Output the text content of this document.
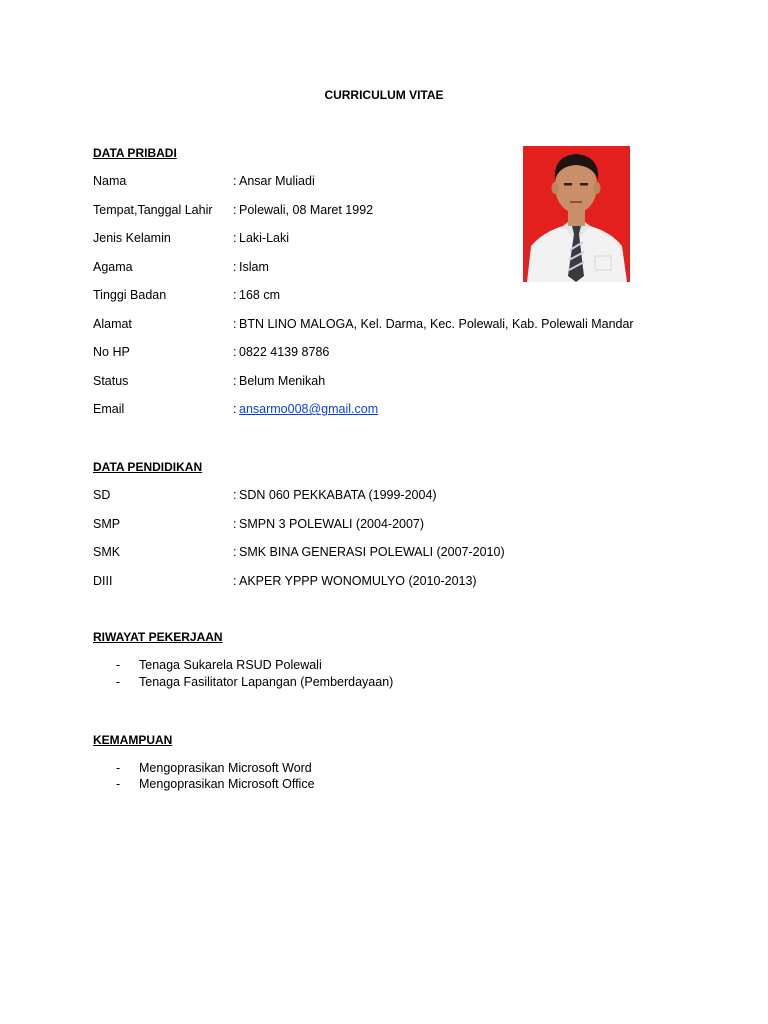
CURRICULUM VITAE
DATA PRIBADI
Nama	: Ansar Muliadi
Tempat,Tanggal Lahir : Polewali, 08 Maret 1992
Jenis Kelamin	: Laki-Laki
Agama	: Islam
Tinggi Badan	: 168 cm
Alamat	: BTN LINO MALOGA, Kel. Darma, Kec. Polewali, Kab. Polewali Mandar
No HP	: 0822 4139 8786
Status	: Belum Menikah
Email	: ansarmo008@gmail.com
DATA PENDIDIKAN
SD	: SDN 060 PEKKABATA (1999-2004)
SMP	: SMPN 3 POLEWALI (2004-2007)
SMK	: SMK BINA GENERASI POLEWALI (2007-2010)
DIII	: AKPER YPPP WONOMULYO (2010-2013)
RIWAYAT PEKERJAAN
- Tenaga Sukarela RSUD Polewali
- Tenaga Fasilitator Lapangan (Pemberdayaan)
KEMAMPUAN
- Mengoprasikan Microsoft Word
- Mengoprasikan Microsoft Office
